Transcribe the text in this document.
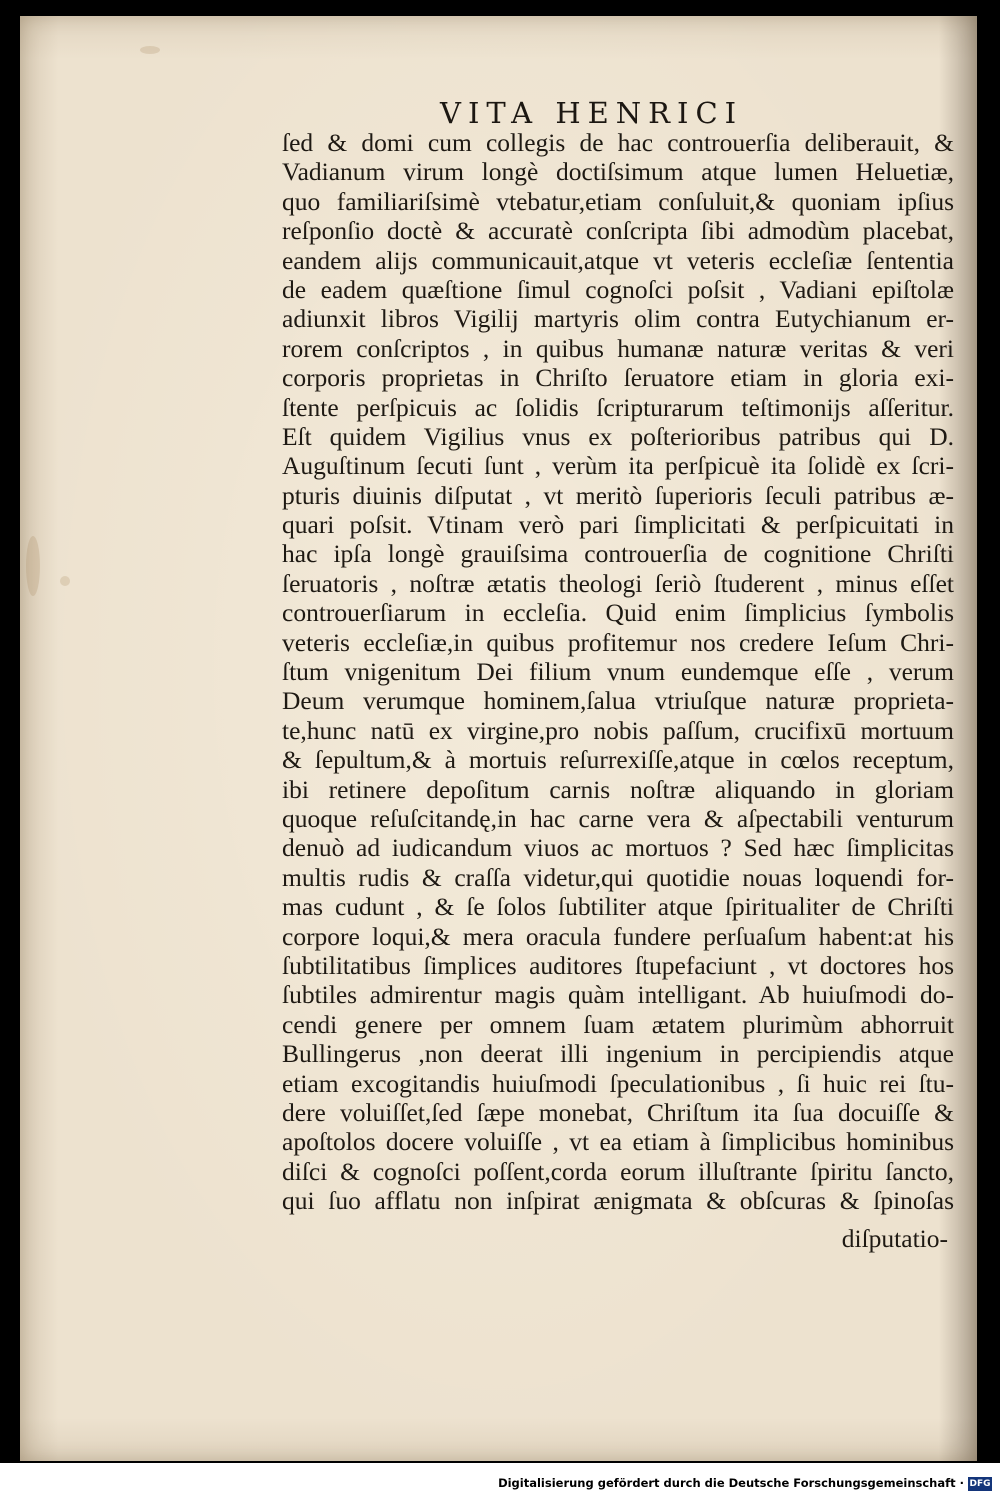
VITA HENRICI
ſed & domi cum collegis de hac controuerſia deliberauit, &
Vadianum virum longè doctiſsimum atque lumen Heluetiæ,
quo familiariſsimè vtebatur,etiam conſuluit,& quoniam ipſius
reſponſio doctè & accuratè conſcripta ſibi admodùm placebat,
eandem alijs communicauit,atque vt veteris eccleſiæ ſententia
de eadem quæſtione ſimul cognoſci poſsit , Vadiani epiſtolæ
adiunxit libros Vigilij martyris olim contra Eutychianum er-
rorem conſcriptos , in quibus humanæ naturæ veritas & veri
corporis proprietas in Chriſto ſeruatore etiam in gloria exi-
ſtente perſpicuis ac ſolidis ſcripturarum teſtimonijs aſſeritur.
Eſt quidem Vigilius vnus ex poſterioribus patribus qui D.
Auguſtinum ſecuti ſunt , verùm ita perſpicuè ita ſolidè ex ſcri-
pturis diuinis diſputat , vt meritò ſuperioris ſeculi patribus æ-
quari poſsit. Vtinam verò pari ſimplicitati & perſpicuitati in
hac ipſa longè grauiſsima controuerſia de cognitione Chriſti
ſeruatoris , noſtræ ætatis theologi ſeriò ſtuderent , minus eſſet
controuerſiarum in eccleſia. Quid enim ſimplicius ſymbolis
veteris eccleſiæ,in quibus profitemur nos credere Ieſum Chri-
ſtum vnigenitum Dei filium vnum eundemque eſſe , verum
Deum verumque hominem,ſalua vtriuſque naturæ proprieta-
te,hunc natū ex virgine,pro nobis paſſum, crucifixū mortuum
& ſepultum,& à mortuis reſurrexiſſe,atque in cœlos receptum,
ibi retinere depoſitum carnis noſtræ aliquando in gloriam
quoque reſuſcitandę,in hac carne vera & aſpectabili venturum
denuò ad iudicandum viuos ac mortuos ? Sed hæc ſimplicitas
multis rudis & craſſa videtur,qui quotidie nouas loquendi for-
mas cudunt , & ſe ſolos ſubtiliter atque ſpiritualiter de Chriſti
corpore loqui,& mera oracula fundere perſuaſum habent:at his
ſubtilitatibus ſimplices auditores ſtupefaciunt , vt doctores hos
ſubtiles admirentur magis quàm intelligant. Ab huiuſmodi do-
cendi genere per omnem ſuam ætatem plurimùm abhorruit
Bullingerus ,non deerat illi ingenium in percipiendis atque
etiam excogitandis huiuſmodi ſpeculationibus , ſi huic rei ſtu-
dere voluiſſet,ſed ſæpe monebat, Chriſtum ita ſua docuiſſe &
apoſtolos docere voluiſſe , vt ea etiam à ſimplicibus hominibus
diſci & cognoſci poſſent,corda eorum illuſtrante ſpiritu ſancto,
qui ſuo afflatu non inſpirat ænigmata & obſcuras & ſpinoſas
diſputatio-
Digitalisierung gefördert durch die Deutsche Forschungsgemeinschaft · DFG
